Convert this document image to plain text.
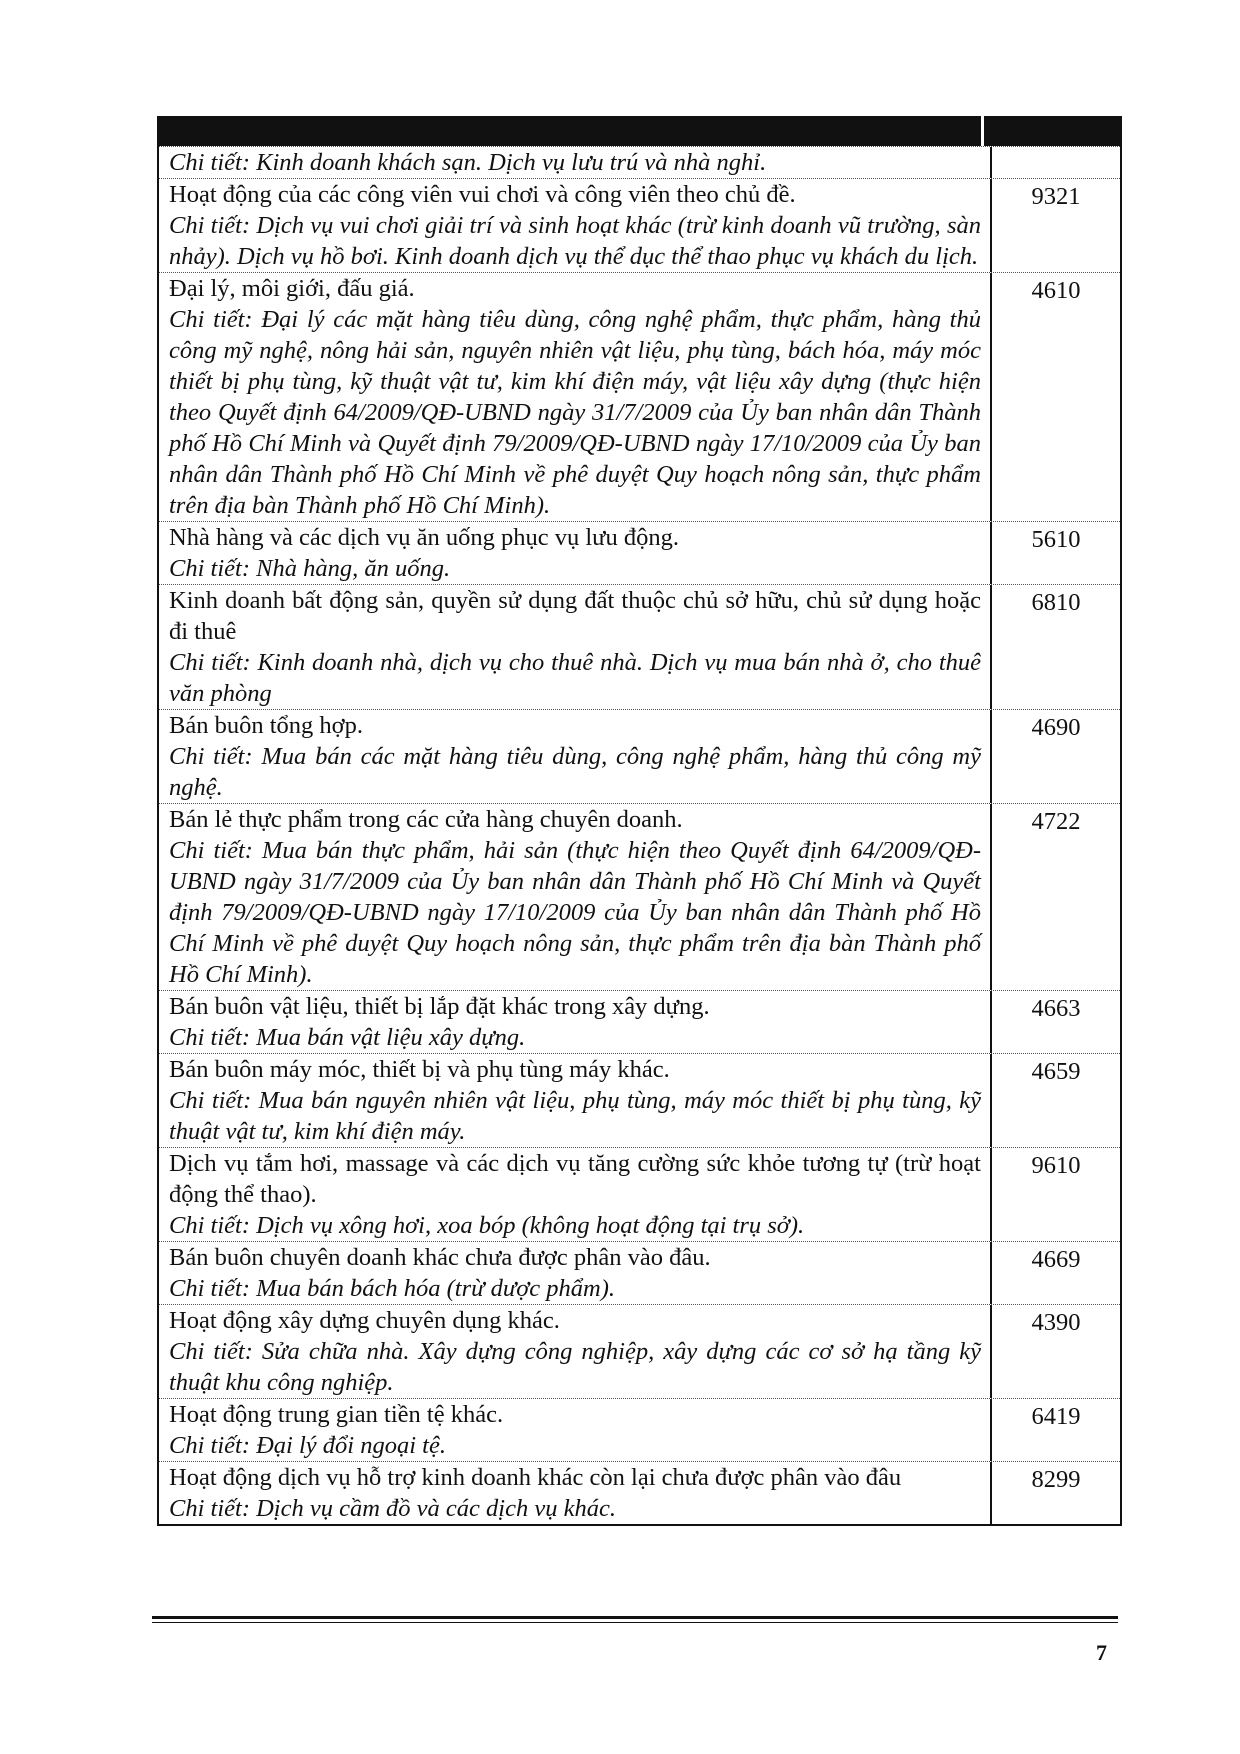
Chi tiết: Kinh doanh khách sạn. Dịch vụ lưu trú và nhà nghỉ.
Hoạt động của các công viên vui chơi và công viên theo chủ đề.
Chi tiết: Dịch vụ vui chơi giải trí và sinh hoạt khác (trừ kinh doanh vũ trường, sàn nhảy). Dịch vụ hồ bơi. Kinh doanh dịch vụ thể dục thể thao phục vụ khách du lịch.
9321
Đại lý, môi giới, đấu giá.
Chi tiết: Đại lý các mặt hàng tiêu dùng, công nghệ phẩm, thực phẩm, hàng thủ công mỹ nghệ, nông hải sản, nguyên nhiên vật liệu, phụ tùng, bách hóa, máy móc thiết bị phụ tùng, kỹ thuật vật tư, kim khí điện máy, vật liệu xây dựng (thực hiện theo Quyết định 64/2009/QĐ-UBND ngày 31/7/2009 của Ủy ban nhân dân Thành phố Hồ Chí Minh và Quyết định 79/2009/QĐ-UBND ngày 17/10/2009 của Ủy ban nhân dân Thành phố Hồ Chí Minh về phê duyệt Quy hoạch nông sản, thực phẩm trên địa bàn Thành phố Hồ Chí Minh).
4610
Nhà hàng và các dịch vụ ăn uống phục vụ lưu động.
Chi tiết: Nhà hàng, ăn uống.
5610
Kinh doanh bất động sản, quyền sử dụng đất thuộc chủ sở hữu, chủ sử dụng hoặc đi thuê
Chi tiết: Kinh doanh nhà, dịch vụ cho thuê nhà. Dịch vụ mua bán nhà ở, cho thuê văn phòng
6810
Bán buôn tổng hợp.
Chi tiết: Mua bán các mặt hàng tiêu dùng, công nghệ phẩm, hàng thủ công mỹ nghệ.
4690
Bán lẻ thực phẩm trong các cửa hàng chuyên doanh.
Chi tiết: Mua bán thực phẩm, hải sản (thực hiện theo Quyết định 64/2009/QĐ-UBND ngày 31/7/2009 của Ủy ban nhân dân Thành phố Hồ Chí Minh và Quyết định 79/2009/QĐ-UBND ngày 17/10/2009 của Ủy ban nhân dân Thành phố Hồ Chí Minh về phê duyệt Quy hoạch nông sản, thực phẩm trên địa bàn Thành phố Hồ Chí Minh).
4722
Bán buôn vật liệu, thiết bị lắp đặt khác trong xây dựng.
Chi tiết: Mua bán vật liệu xây dựng.
4663
Bán buôn máy móc, thiết bị và phụ tùng máy khác.
Chi tiết: Mua bán nguyên nhiên vật liệu, phụ tùng, máy móc thiết bị phụ tùng, kỹ thuật vật tư, kim khí điện máy.
4659
Dịch vụ tắm hơi, massage và các dịch vụ tăng cường sức khỏe tương tự (trừ hoạt động thể thao).
Chi tiết: Dịch vụ xông hơi, xoa bóp (không hoạt động tại trụ sở).
9610
Bán buôn chuyên doanh khác chưa được phân vào đâu.
Chi tiết: Mua bán bách hóa (trừ dược phẩm).
4669
Hoạt động xây dựng chuyên dụng khác.
Chi tiết: Sửa chữa nhà. Xây dựng công nghiệp, xây dựng các cơ sở hạ tầng kỹ thuật khu công nghiệp.
4390
Hoạt động trung gian tiền tệ khác.
Chi tiết: Đại lý đổi ngoại tệ.
6419
Hoạt động dịch vụ hỗ trợ kinh doanh khác còn lại chưa được phân vào đâu
Chi tiết: Dịch vụ cầm đồ và các dịch vụ khác.
8299
7
